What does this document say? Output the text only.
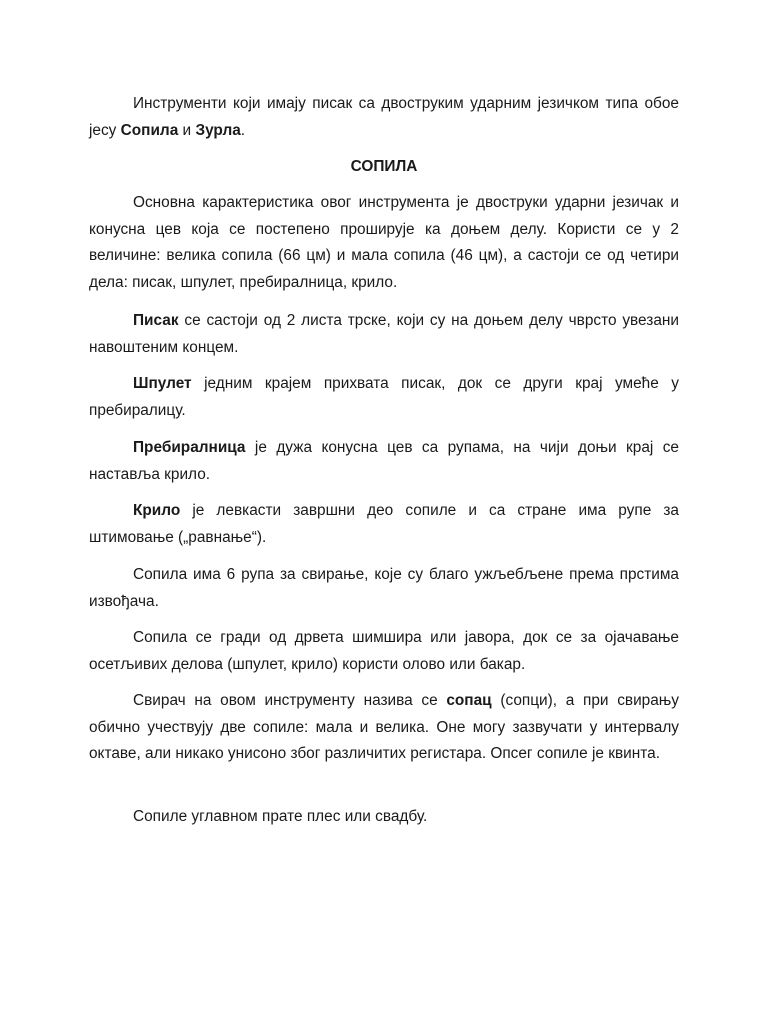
Инструменти који имају писак са двоструким ударним језичком типа обое јесу Сопила и Зурла.

СОПИЛА

Основна карактеристика овог инструмента је двоструки ударни језичак и конусна цев која се постепено проширује ка доњем делу. Користи се у 2 величине: велика сопила (66 цм) и мала сопила (46 цм), а састоји се од четири дела: писак, шпулет, пребиралница, крило.

Писак се састоји од 2 листа трске, који су на доњем делу чврсто увезани навоштеним концем.

Шпулет једним крајем прихвата писак, док се други крај умеће у пребиралицу.

Пребиралница је дужа конусна цев са рупама, на чији доњи крај се наставља крило.

Крило је левкасти завршни део сопиле и са стране има рупе за штимовање („равнање“).

Сопила има 6 рупа за свирање, које су благо ужљебљене према прстима извођача.

Сопила се гради од дрвета шимшира или јавора, док се за ојачавање осетљивих делова (шпулет, крило) користи олово или бакар.

Свирач на овом инструменту назива се сопац (сопци), а при свирању обично учествују две сопиле: мала и велика. Оне могу зазвучати у интервалу октаве, али никако унисоно због различитих регистара. Опсег сопиле је квинта.

Сопиле углавном прате плес или свадбу.
